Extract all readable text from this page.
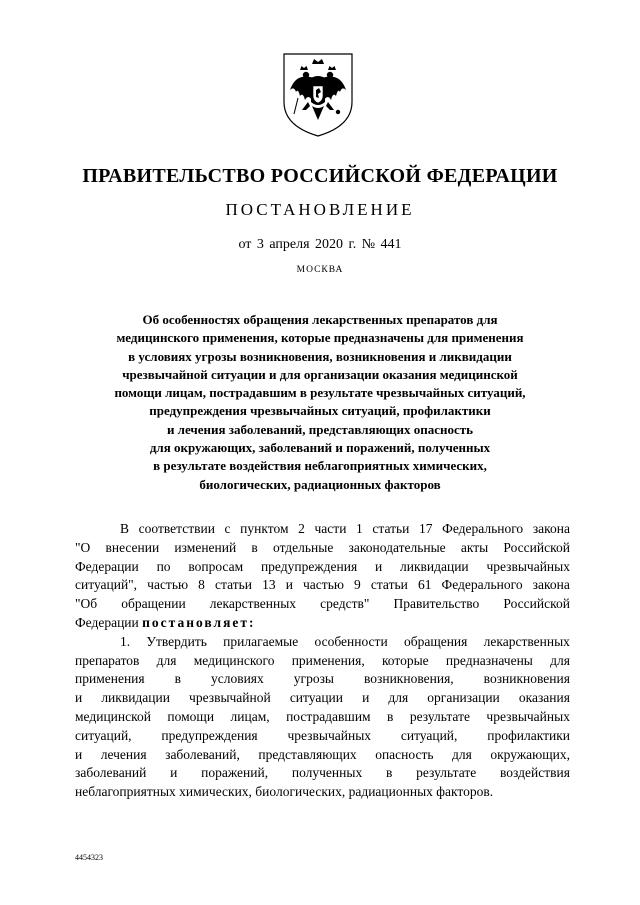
ПРАВИТЕЛЬСТВО РОССИЙСКОЙ ФЕДЕРАЦИИ
ПОСТАНОВЛЕНИЕ
от 3 апреля 2020 г. № 441
МОСКВА
Об особенностях обращения лекарственных препаратов для
медицинского применения, которые предназначены для применения
в условиях угрозы возникновения, возникновения и ликвидации
чрезвычайной ситуации и для организации оказания медицинской
помощи лицам, пострадавшим в результате чрезвычайных ситуаций,
предупреждения чрезвычайных ситуаций, профилактики
и лечения заболеваний, представляющих опасность
для окружающих, заболеваний и поражений, полученных
в результате воздействия неблагоприятных химических,
биологических, радиационных факторов
В соответствии с пунктом 2 части 1 статьи 17 Федерального закона
"О внесении изменений в отдельные законодательные акты Российской
Федерации по вопросам предупреждения и ликвидации чрезвычайных
ситуаций", частью 8 статьи 13 и частью 9 статьи 61 Федерального закона
"Об обращении лекарственных средств" Правительство Российской
Федерации постановляет:
1. Утвердить прилагаемые особенности обращения лекарственных
препаратов для медицинского применения, которые предназначены для
применения в условиях угрозы возникновения, возникновения
и ликвидации чрезвычайной ситуации и для организации оказания
медицинской помощи лицам, пострадавшим в результате чрезвычайных
ситуаций, предупреждения чрезвычайных ситуаций, профилактики
и лечения заболеваний, представляющих опасность для окружающих,
заболеваний и поражений, полученных в результате воздействия
неблагоприятных химических, биологических, радиационных факторов.
4454323
